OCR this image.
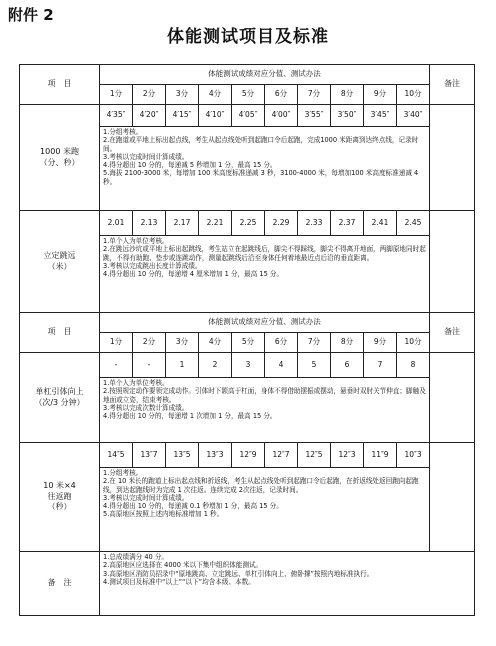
附件 2
体能测试项目及标准
项　目	体能测试成绩对应分值、测试办法										备注
	1分	2分	3分	4分	5分	6分	7分	8分	9分	10分	
1000 米跑
（分、秒）	4′35″	4′20″	4′15″	4′10″	4′05″	4′00″	3′55″	3′50″	3′45″	3′40″	

	1.分组考核。
2.在跑道或平地上标出起点线，考生从起点线处听到起跑口令后起跑，完成1000 米距离到达终点线，记录时间。
3.考核以完成时间计算成绩。
4.得分超出 10 分的，每递减 5 秒增加 1 分，最高 15 分。
5.海拔 2100-3000 米，每增加 100 米高度标准递减 3 秒，3100-4000 米，每增加100 米高度标准递减 4 秒。										

立定跳远
（米）	2.01	2.13	2.17	2.21	2.25	2.29	2.33	2.37	2.41	2.45	

	1.单个人为单位考核。
2.在跳远沙坑或平地上标出起跳线，考生站立在起跳线后，脚尖不得踩线，脚尖不得离开地面，两脚原地同时起跳，不得有助跑、垫步或连跳动作，测量起跳线后沿至身体任何着地最近点后沿的垂直距离。
3.考核以完成跳出长度计算成绩。
4.得分超出 10 分的，每递增 4 厘米增加 1 分，最高 15 分。										

项　目	体能测试成绩对应分值、测试办法										备注
	1分	2分	3分	4分	5分	6分	7分	8分	9分	10分	
单杠引体向上
（次/3 分钟）	-	-	1	2	3	4	5	6	7	8	

	1.单个人为单位考核。
2.按照规定动作要领完成动作。引体时下颌高于杠面，身体不得借助摆振或摆动，悬垂时双肘关节伸直；脚触及地面或立姿，结束考核。
3.考核以完成次数计算成绩。
4.得分超出 10 分的，每递增 1 次增加 1 分，最高 15 分。										

10 米×4
往返跑
（秒）	14″5	13″7	13″5	13″3	12″9	12″7	12″5	12″3	11″9	10″3	

	1.分组考核。
2.在 10 米长的跑道上标出起点线和折返线，考生从起点线处听到起跑口令后起跑，在折返线处返回跑向起跑线，到达起跑线时为完成 1 次往返。连续完成 2次往返，记录时间。
3.考核以完成时间计算成绩。
4.得分超出 10 分的，每递减 0.1 秒增加 1 分，最高 15 分。
5.高原地区按照上述内地标准增加 1 秒。										

备　注	1.总成绩满分 40 分。
2.高原地区应选择在 4000 米以下集中组织体能测试。
3.高原地区消防员招录中“原地跳高、立定跳远、单杠引体向上、俯卧撑”按照内地标准执行。
4.测试项目及标准中“以上”“以下”均含本级、本数。										
